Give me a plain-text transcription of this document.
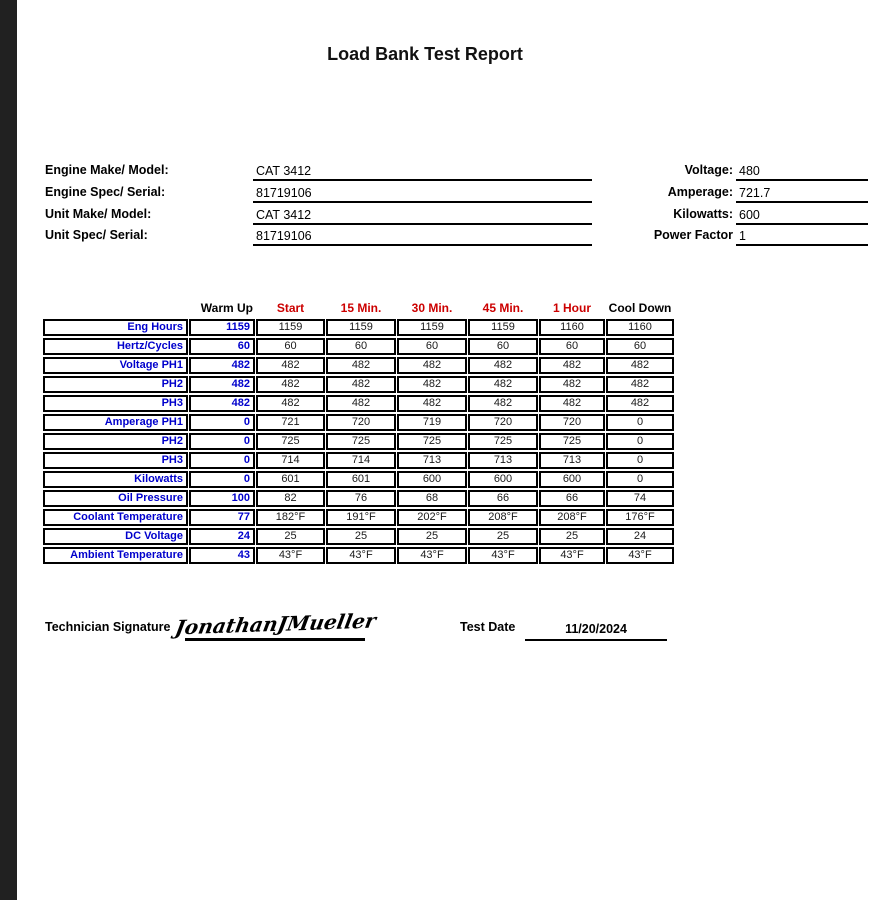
Load Bank Test Report
Engine Make/ Model:	CAT 3412
Engine Spec/ Serial:	81719106
Unit Make/ Model:	CAT 3412
Unit Spec/ Serial:	81719106
Voltage: 480
Amperage: 721.7
Kilowatts: 600
Power Factor 1
	Warm Up	Start	15 Min.	30 Min.	45 Min.	1 Hour	Cool Down
Eng Hours	1159	1159	1159	1159	1159	1160	1160
Hertz/Cycles	60	60	60	60	60	60	60
Voltage PH1	482	482	482	482	482	482	482
PH2	482	482	482	482	482	482	482
PH3	482	482	482	482	482	482	482
Amperage PH1	0	721	720	719	720	720	0
PH2	0	725	725	725	725	725	0
PH3	0	714	714	713	713	713	0
Kilowatts	0	601	601	600	600	600	0
Oil Pressure	100	82	76	68	66	66	74
Coolant Temperature	77	182°F	191°F	202°F	208°F	208°F	176°F
DC Voltage	24	25	25	25	25	25	24
Ambient Temperature	43	43°F	43°F	43°F	43°F	43°F	43°F
Technician Signature JonathanJMueller	Test Date	11/20/2024
